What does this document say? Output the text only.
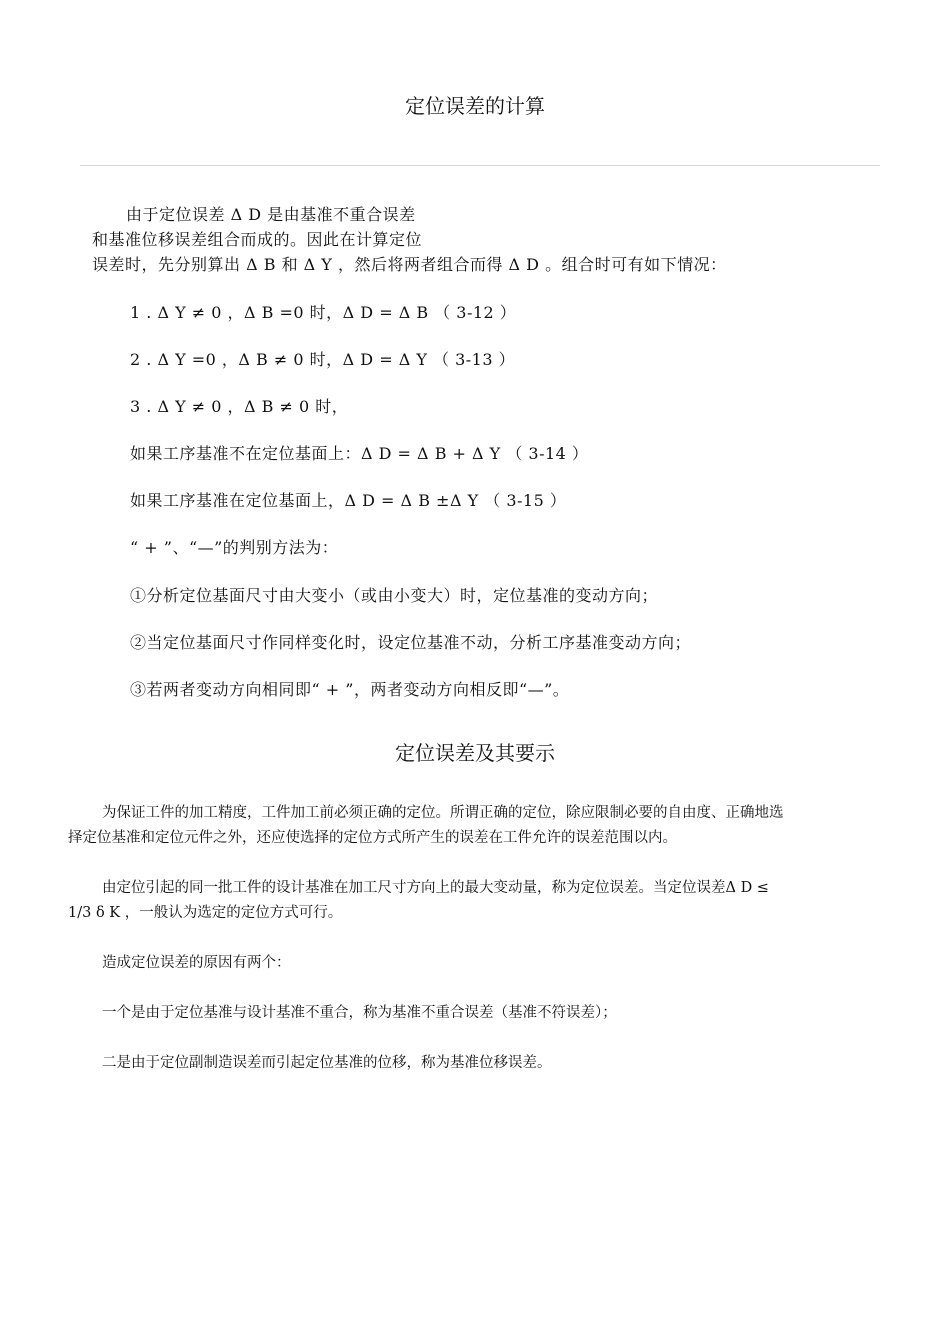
定位误差的计算
由于定位误差 Δ D 是由基准不重合误差
和基准位移误差组合而成的。因此在计算定位
误差时，先分别算出 Δ B 和 Δ Y ，然后将两者组合而得 Δ D 。组合时可有如下情况：
1 . Δ Y ≠ 0 ，Δ B =0 时，Δ D = Δ B （ 3-12 ）
2 . Δ Y =0 ，Δ B ≠ 0 时，Δ D = Δ Y （ 3-13 ）
3 . Δ Y ≠ 0 ，Δ B ≠ 0 时，
如果工序基准不在定位基面上：Δ D = Δ B + Δ Y （ 3-14 ）
如果工序基准在定位基面上，Δ D = Δ B ±Δ Y （ 3-15 ）
“ + ”、“—”的判别方法为：
①分析定位基面尺寸由大变小（或由小变大）时，定位基准的变动方向；
②当定位基面尺寸作同样变化时，设定位基准不动，分析工序基准变动方向；
③若两者变动方向相同即“ + ”，两者变动方向相反即“—”。
定位误差及其要示
为保证工件的加工精度，工件加工前必须正确的定位。所谓正确的定位，除应限制必要的自由度、正确地选
择定位基准和定位元件之外，还应使选择的定位方式所产生的误差在工件允许的误差范围以内。
由定位引起的同一批工件的设计基准在加工尺寸方向上的最大变动量，称为定位误差。当定位误差Δ D ≤
1/3 δ K ，一般认为选定的定位方式可行。
造成定位误差的原因有两个：
一个是由于定位基准与设计基准不重合，称为基准不重合误差（基准不符误差）；
二是由于定位副制造误差而引起定位基准的位移，称为基准位移误差。
